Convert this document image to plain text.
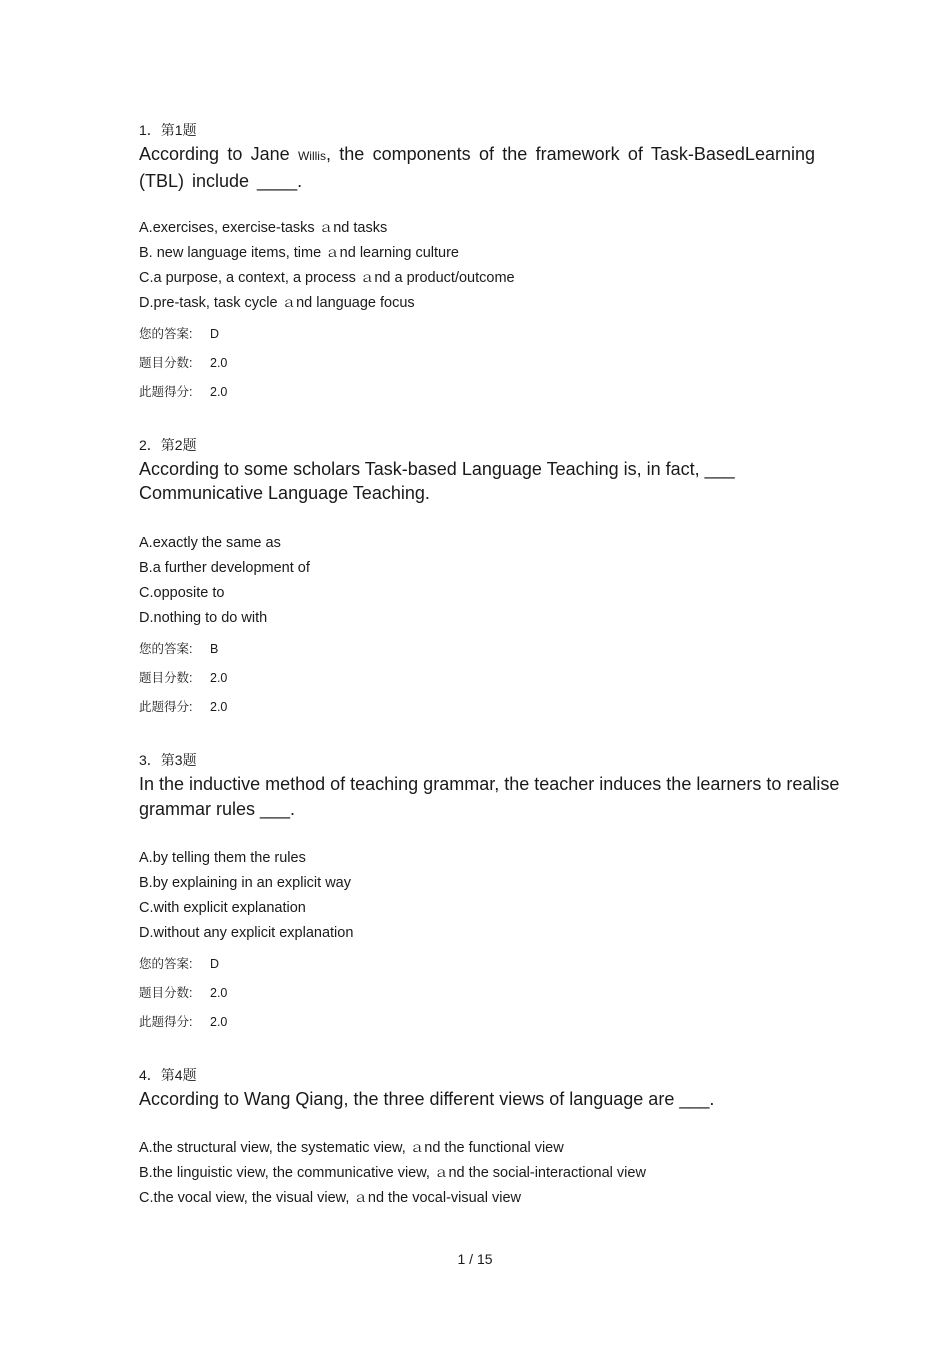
1．第1题
According to Jane Willis, the components of the framework of Task-BasedLearning (TBL) include ____.
A.exercises, exercise-tasks ａnd tasks
B. new language items, time ａnd learning culture
C.a purpose, a context, a process ａnd a product/outcome
D.pre-task, task cycle ａnd language focus
您的答案: D
题目分数: 2.0
此题得分: 2.0
2．第2题
According to some scholars Task-based Language Teaching is, in fact, ___ Communicative Language Teaching.
A.exactly the same as
B.a further development of
C.opposite to
D.nothing to do with
您的答案: B
题目分数: 2.0
此题得分: 2.0
3．第3题
In the inductive method of teaching grammar, the teacher induces the learners to realise grammar rules ___.
A.by telling them the rules
B.by explaining in an explicit way
C.with explicit explanation
D.without any explicit explanation
您的答案: D
题目分数: 2.0
此题得分: 2.0
4．第4题
According to Wang Qiang, the three different views of language are ___.
A.the structural view, the systematic view, ａnd the functional view
B.the linguistic view, the communicative view, ａnd the social-interactional view
C.the vocal view, the visual view, ａnd the vocal-visual view
1 / 15
